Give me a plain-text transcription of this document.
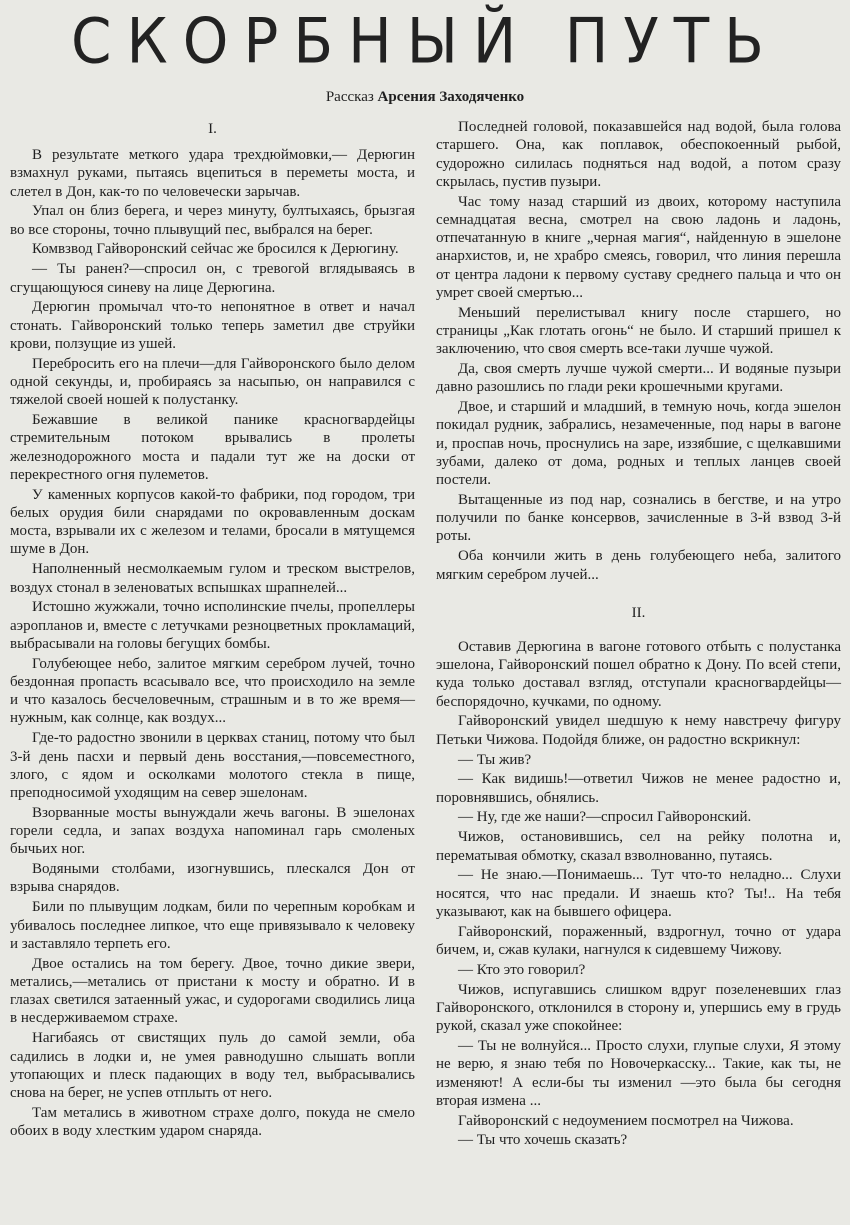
СКОРБНЫЙ ПУТЬ
Рассказ Арсения Заходяченко
I.

В результате меткого удара трехдюймовки,— Дерюгин взмахнул руками, пытаясь вцепиться в переметы моста, и слетел в Дон, как-то по человечески зарычав.

Упал он близ берега, и через минуту, бултыхаясь, брызгая во все стороны, точно плывущий пес, выбрался на берег.

Комвзвод Гайворонский сейчас же бросился к Дерюгину.

— Ты ранен?—спросил он, с тревогой вглядываясь в сгущающуюся синеву на лице Дерюгина.

Дерюгин промычал что-то непонятное в ответ и начал стонать. Гайворонский только теперь заметил две струйки крови, ползущие из ушей.

Перебросить его на плечи—для Гайворонского было делом одной секунды, и, пробираясь за насыпью, он направился с тяжелой своей ношей к полустанку.

Бежавшие в великой панике красногвардейцы стремительным потоком врывались в пролеты железнодорожного моста и падали тут же на доски от перекрестного огня пулеметов.

У каменных корпусов какой-то фабрики, под городом, три белых орудия били снарядами по окровавленным доскам моста, взрывали их с железом и телами, бросали в мятущемся шуме в Дон.

Наполненный несмолкаемым гулом и треском выстрелов, воздух стонал в зеленоватых вспышках шрапнелей...

Истошно жужжали, точно исполинские пчелы, пропеллеры аэропланов и, вместе с летучками резноцветных прокламаций, выбрасывали на головы бегущих бомбы.

Голубеющее небо, залитое мягким серебром лучей, точно бездонная пропасть всасывало все, что происходило на земле и что казалось бесчеловечным, страшным и в то же время—нужным, как солнце, как воздух...

Где-то радостно звонили в церквах станиц, потому что был 3-й день пасхи и первый день восстания,—повсеместного, злого, с ядом и осколками молотого стекла в пище, преподносимой уходящим на север эшелонам.

Взорванные мосты вынуждали жечь вагоны. В эшелонах горели седла, и запах воздуха напоминал гарь смоленых бычьих ног.

Водяными столбами, изогнувшись, плескался Дон от взрыва снарядов.

Били по плывущим лодкам, били по черепным коробкам и убивалось последнее липкое, что еще привязывало к человеку и заставляло терпеть его.

Двое остались на том берегу. Двое, точно дикие звери, метались,—метались от пристани к мосту и обратно. И в глазах светился затаенный ужас, и судорогами сводились лица в несдерживаемом страхе.

Нагибаясь от свистящих пуль до самой земли, оба садились в лодки и, не умея равнодушно слышать вопли утопающих и плеск падающих в воду тел, выбрасывались снова на берег, не успев отплыть от него.

Там метались в животном страхе долго, покуда не смело обоих в воду хлестким ударом снаряда.

Последней головой, показавшейся над водой, была голова старшего. Она, как поплавок, обеспокоенный рыбой, судорожно силилась подняться над водой, а потом сразу скрылась, пустив пузыри.

Час тому назад старший из двоих, которому наступила семнадцатая весна, смотрел на свою ладонь и ладонь, отпечатанную в книге „черная магия“, найденную в эшелоне анархистов, и, не храбро смеясь, говорил, что линия перешла от центра ладони к первому суставу среднего пальца и что он умрет своей смертью...

Меньший перелистывал книгу после старшего, но страницы „Как глотать огонь“ не было. И старший пришел к заключению, что своя смерть все-таки лучше чужой.

Да, своя смерть лучше чужой смерти... И водяные пузыри давно разошлись по глади реки крошечными кругами.

Двое, и старший и младший, в темную ночь, когда эшелон покидал рудник, забрались, незамеченные, под нары в вагоне и, проспав ночь, проснулись на заре, иззябшие, с щелкавшими зубами, далеко от дома, родных и теплых ланцев своей постели.

Вытащенные из под нар, сознались в бегстве, и на утро получили по банке консервов, зачисленные в 3-й взвод 3-й роты.

Оба кончили жить в день голубеющего неба, залитого мягким серебром лучей...

II.

Оставив Дерюгина в вагоне готового отбыть с полустанка эшелона, Гайворонский пошел обратно к Дону. По всей степи, куда только доставал взгляд, отступали красногвардейцы— беспорядочно, кучками, по одному.

Гайворонский увидел шедшую к нему навстречу фигуру Петьки Чижова. Подойдя ближе, он радостно вскрикнул:

— Ты жив?

— Как видишь!—ответил Чижов не менее радостно и, поровнявшись, обнялись.

— Ну, где же наши?—спросил Гайворонский.

Чижов, остановившись, сел на рейку полотна и, перематывая обмотку, сказал взволнованно, путаясь.

— Не знаю.—Понимаешь... Тут что-то неладно... Слухи носятся, что нас предали. И знаешь кто? Ты!.. На тебя указывают, как на бывшего офицера.

Гайворонский, пораженный, вздрогнул, точно от удара бичем, и, сжав кулаки, нагнулся к сидевшему Чижову.

— Кто это говорил?

Чижов, испугавшись слишком вдруг позеленевших глаз Гайворонского, отклонился в сторону и, упершись ему в грудь рукой, сказал уже спокойнее:

— Ты не волнуйся... Просто слухи, глупые слухи, Я этому не верю, я знаю тебя по Новочеркасску... Такие, как ты, не изменяют! А если-бы ты изменил —это была бы сегодня вторая измена ...

Гайворонский с недоумением посмотрел на Чижова.

— Ты что хочешь сказать?
